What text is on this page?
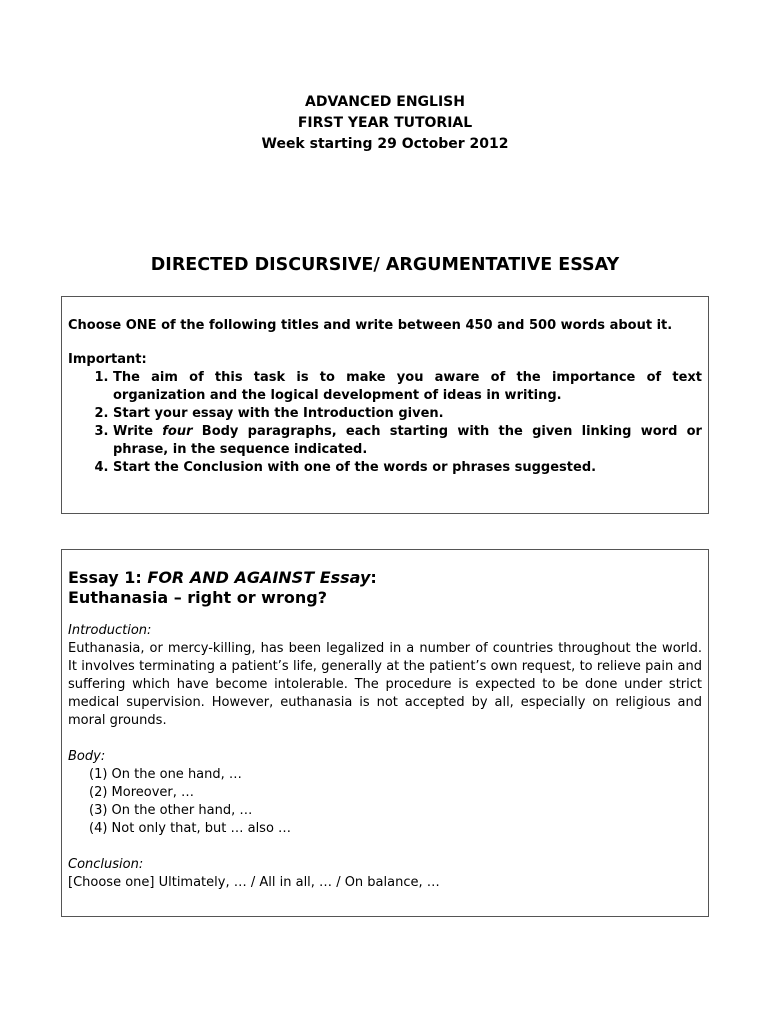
ADVANCED ENGLISH
FIRST YEAR TUTORIAL
Week starting 29 October 2012
DIRECTED DISCURSIVE/ ARGUMENTATIVE ESSAY

Choose ONE of the following titles and write between 450 and 500 words about it.

Important:

1. The aim of this task is to make you aware of the importance of text organization and the logical development of ideas in writing.
2. Start your essay with the Introduction given.
3. Write four Body paragraphs, each starting with the given linking word or phrase, in the sequence indicated.
4. Start the Conclusion with one of the words or phrases suggested.
Essay 1: FOR AND AGAINST Essay:
Euthanasia – right or wrong?

Introduction:

Euthanasia, or mercy-killing, has been legalized in a number of countries throughout the world. It involves terminating a patient’s life, generally at the patient’s own request, to relieve pain and suffering which have become intolerable. The procedure is expected to be done under strict medical supervision. However, euthanasia is not accepted by all, especially on religious and moral grounds.

Body:

(1) On the one hand, …
(2) Moreover, …
(3) On the other hand, …
(4) Not only that, but … also …

Conclusion:

[Choose one] Ultimately, … / All in all, … / On balance, …
